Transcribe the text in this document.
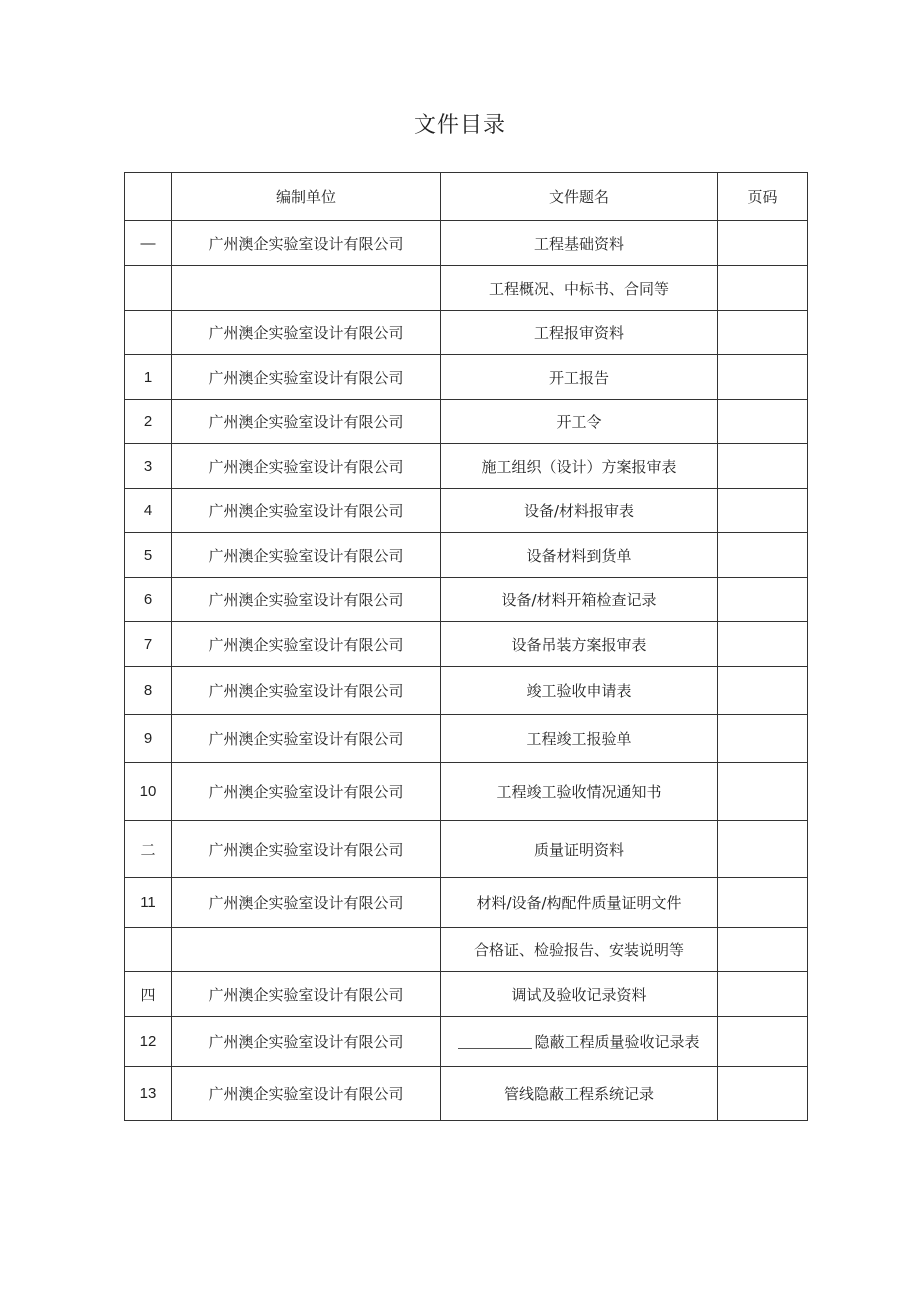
文件目录
	编制单位	文件题名	页码
—	广州澳企实验室设计有限公司	工程基础资料	
		工程概况、中标书、合同等	
	广州澳企实验室设计有限公司	工程报审资料	
1	广州澳企实验室设计有限公司	开工报告	
2	广州澳企实验室设计有限公司	开工令	
3	广州澳企实验室设计有限公司	施工组织（设计）方案报审表	
4	广州澳企实验室设计有限公司	设备/材料报审表	
5	广州澳企实验室设计有限公司	设备材料到货单	
6	广州澳企实验室设计有限公司	设备/材料开箱检查记录	
7	广州澳企实验室设计有限公司	设备吊装方案报审表	
8	广州澳企实验室设计有限公司	竣工验收申请表	
9	广州澳企实验室设计有限公司	工程竣工报验单	
10	广州澳企实验室设计有限公司	工程竣工验收情况通知书	
二	广州澳企实验室设计有限公司	质量证明资料	
11	广州澳企实验室设计有限公司	材料/设备/构配件质量证明文件	
		合格证、检验报告、安装说明等	
四	广州澳企实验室设计有限公司	调试及验收记录资料	
12	广州澳企实验室设计有限公司	隐蔽工程质量验收记录表	
13	广州澳企实验室设计有限公司	管线隐蔽工程系统记录	
